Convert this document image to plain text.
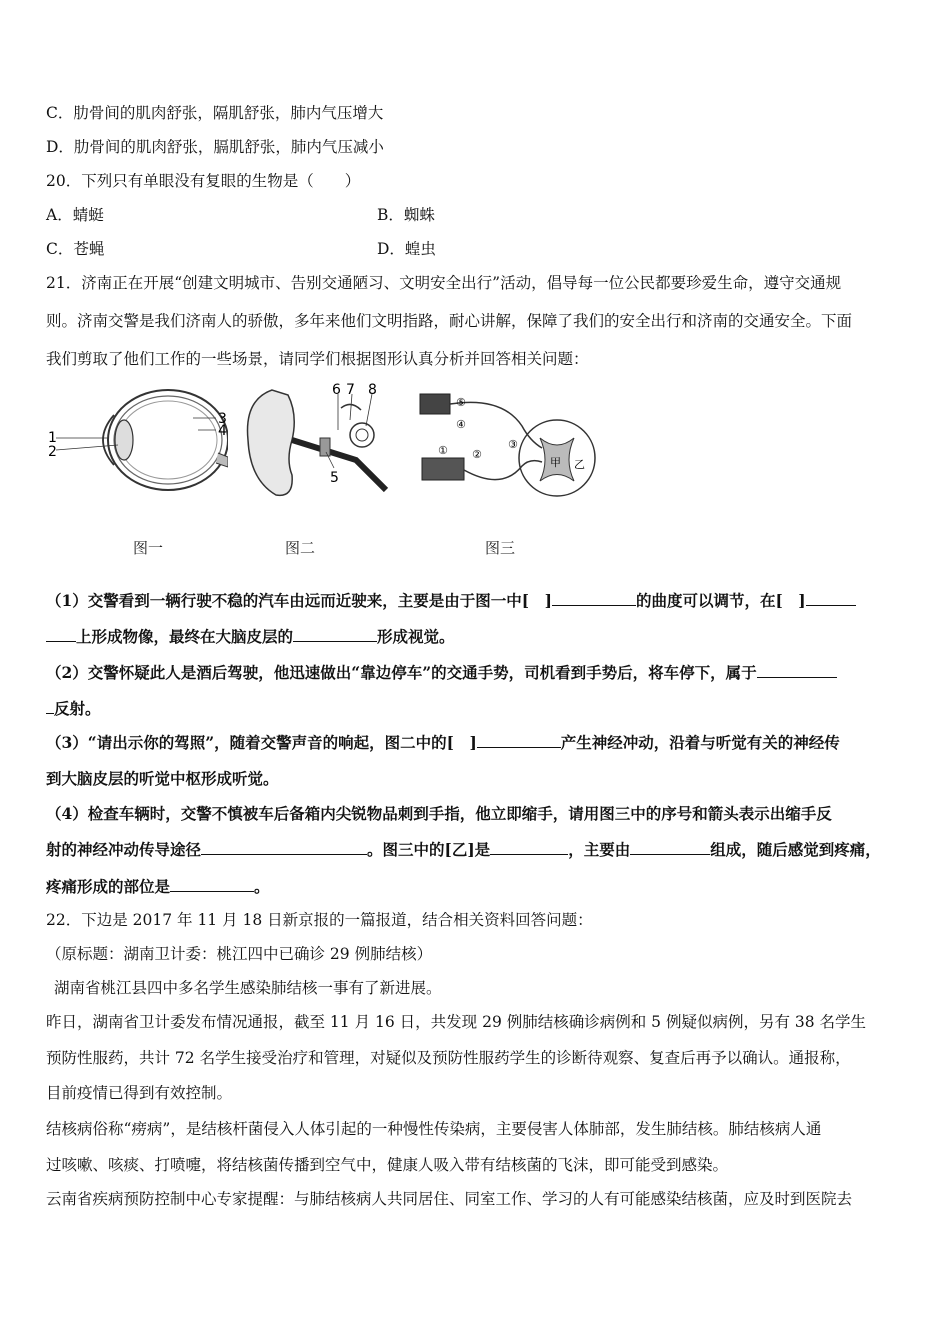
C．肋骨间的肌肉舒张，隔肌舒张，肺内气压增大
D．肋骨间的肌肉舒张，膈肌舒张，肺内气压减小
20．下列只有单眼没有复眼的生物是（　　）
A．蜻蜓	B．蜘蛛
C．苍蝇	D．蝗虫
21．济南正在开展“创建文明城市、告别交通陋习、文明安全出行”活动，倡导每一位公民都要珍爱生命，遵守交通规
则。济南交警是我们济南人的骄傲，多年来他们文明指路，耐心讲解，保障了我们的安全出行和济南的交通安全。下面
我们剪取了他们工作的一些场景，请同学们根据图形认真分析并回答相关问题：
1
2
3
4
图一
6 7 8
5
图二
⑤
④
③
②
①
甲 乙
图三
（1）交警看到一辆行驶不稳的汽车由远而近驶来，主要是由于图一中[　]	的曲度可以调节，在[　]
上形成物像，最终在大脑皮层的	形成视觉。
（2）交警怀疑此人是酒后驾驶，他迅速做出“靠边停车”的交通手势，司机看到手势后，将车停下，属于
反射。
（3）“请出示你的驾照”，随着交警声音的响起，图二中的[　]	产生神经冲动，沿着与听觉有关的神经传
到大脑皮层的听觉中枢形成听觉。
（4）检查车辆时，交警不慎被车后备箱内尖锐物品刺到手指，他立即缩手，请用图三中的序号和箭头表示出缩手反
射的神经冲动传导途径	。图三中的[乙]是	，主要由	组成，随后感觉到疼痛，
疼痛形成的部位是	。
22．下边是 2017 年 11 月 18 日新京报的一篇报道，结合相关资料回答问题：
（原标题：湖南卫计委：桃江四中已确诊 29 例肺结核）
湖南省桃江县四中多名学生感染肺结核一事有了新进展。
昨日，湖南省卫计委发布情况通报，截至 11 月 16 日，共发现 29 例肺结核确诊病例和 5 例疑似病例，另有 38 名学生
预防性服药，共计 72 名学生接受治疗和管理，对疑似及预防性服药学生的诊断待观察、复查后再予以确认。通报称，
目前疫情已得到有效控制。
结核病俗称“痨病”，是结核杆菌侵入人体引起的一种慢性传染病，主要侵害人体肺部，发生肺结核。肺结核病人通
过咳嗽、咳痰、打喷嚏，将结核菌传播到空气中，健康人吸入带有结核菌的飞沫，即可能受到感染。
云南省疾病预防控制中心专家提醒：与肺结核病人共同居住、同室工作、学习的人有可能感染结核菌，应及时到医院去
